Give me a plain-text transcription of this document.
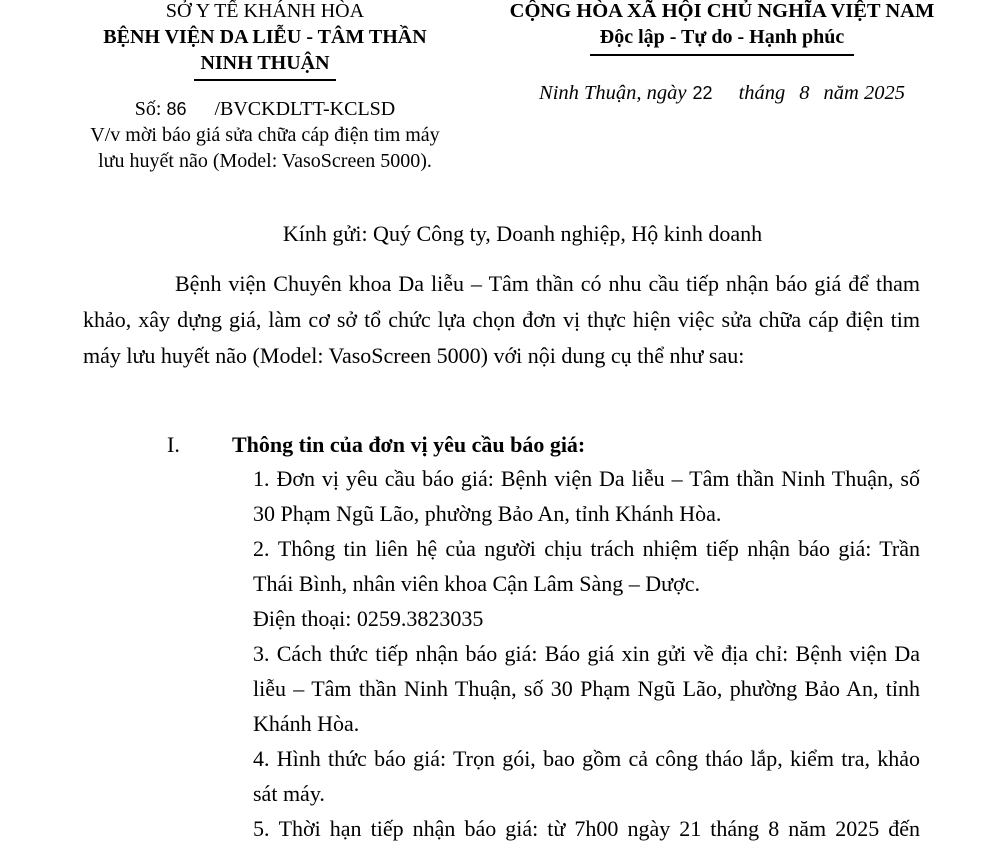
SỞ Y TẾ KHÁNH HÒA
BỆNH VIỆN DA LIỄU - TÂM THẦN
NINH THUẬN
Số: 86 /BVCKDLTT-KCLSD
V/v mời báo giá sửa chữa cáp điện tim máy
lưu huyết não (Model: VasoScreen 5000).
CỘNG HÒA XÃ HỘI CHỦ NGHĨA VIỆT NAM
Độc lập - Tự do - Hạnh phúc
Ninh Thuận, ngày 22 tháng 8 năm 2025
Kính gửi: Quý Công ty, Doanh nghiệp, Hộ kinh doanh
Bệnh viện Chuyên khoa Da liễu – Tâm thần có nhu cầu tiếp nhận báo giá để tham khảo, xây dựng giá, làm cơ sở tổ chức lựa chọn đơn vị thực hiện việc sửa chữa cáp điện tim máy lưu huyết não (Model: VasoScreen 5000) với nội dung cụ thể như sau:
I. Thông tin của đơn vị yêu cầu báo giá:
1. Đơn vị yêu cầu báo giá: Bệnh viện Da liễu – Tâm thần Ninh Thuận, số 30 Phạm Ngũ Lão, phường Bảo An, tỉnh Khánh Hòa.
2. Thông tin liên hệ của người chịu trách nhiệm tiếp nhận báo giá: Trần Thái Bình, nhân viên khoa Cận Lâm Sàng – Dược.
Điện thoại: 0259.3823035
3. Cách thức tiếp nhận báo giá: Báo giá xin gửi về địa chỉ: Bệnh viện Da liễu – Tâm thần Ninh Thuận, số 30 Phạm Ngũ Lão, phường Bảo An, tỉnh Khánh Hòa.
4. Hình thức báo giá: Trọn gói, bao gồm cả công tháo lắp, kiểm tra, khảo sát máy.
5. Thời hạn tiếp nhận báo giá: từ 7h00 ngày 21 tháng 8 năm 2025 đến
